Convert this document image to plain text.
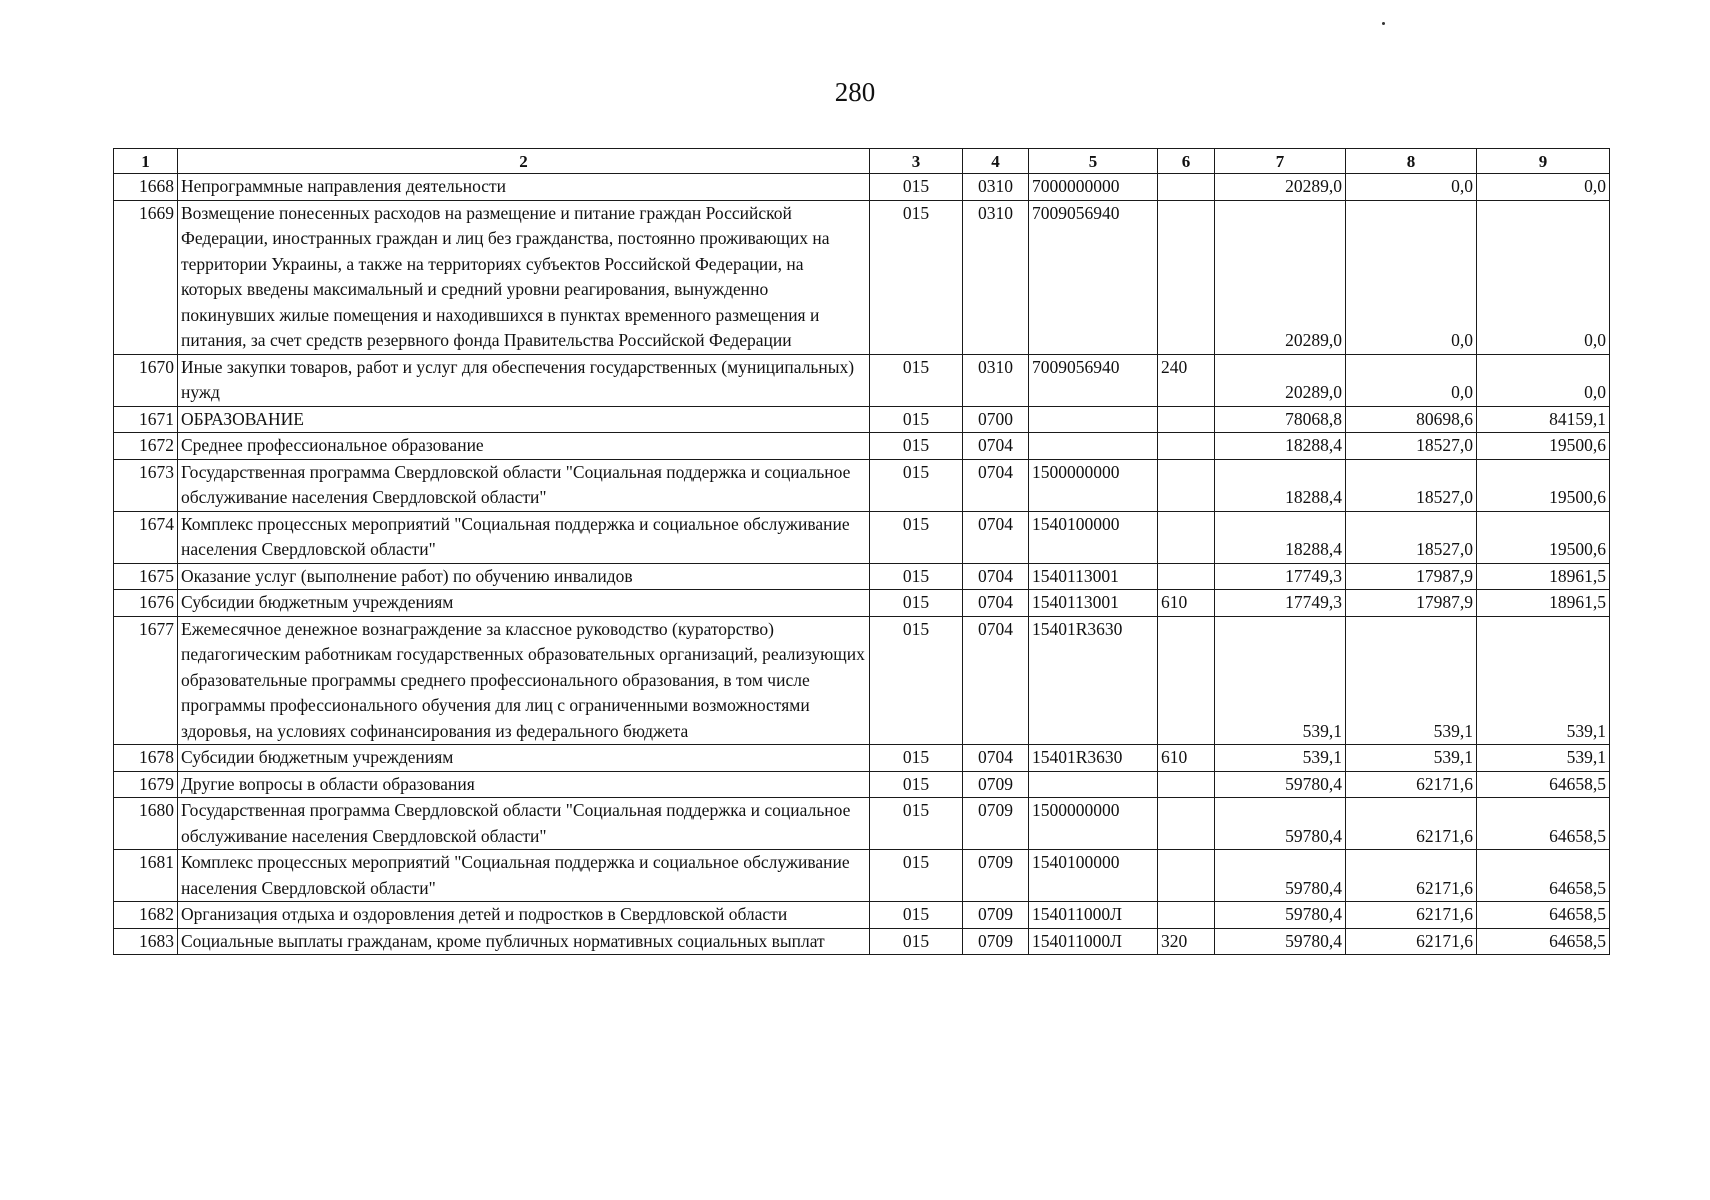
280
1	2	3	4	5	6	7	8	9
1668	Непрограммные направления деятельности	015	0310	7000000000		20289,0	0,0	0,0
1669	Возмещение понесенных расходов на размещение и питание граждан Российской Федерации, иностранных граждан и лиц без гражданства, постоянно проживающих на территории Украины, а также на территориях субъектов Российской Федерации, на которых введены максимальный и средний уровни реагирования, вынужденно покинувших жилые помещения и находившихся в пунктах временного размещения и питания, за счет средств резервного фонда Правительства Российской Федерации	015	0310	7009056940		20289,0	0,0	0,0
1670	Иные закупки товаров, работ и услуг для обеспечения государственных (муниципальных) нужд	015	0310	7009056940	240	20289,0	0,0	0,0
1671	ОБРАЗОВАНИЕ	015	0700			78068,8	80698,6	84159,1
1672	Среднее профессиональное образование	015	0704			18288,4	18527,0	19500,6
1673	Государственная программа Свердловской области "Социальная поддержка и социальное обслуживание населения Свердловской области"	015	0704	1500000000		18288,4	18527,0	19500,6
1674	Комплекс процессных мероприятий "Социальная поддержка и социальное обслуживание населения Свердловской области"	015	0704	1540100000		18288,4	18527,0	19500,6
1675	Оказание услуг (выполнение работ) по обучению инвалидов	015	0704	1540113001		17749,3	17987,9	18961,5
1676	Субсидии бюджетным учреждениям	015	0704	1540113001	610	17749,3	17987,9	18961,5
1677	Ежемесячное денежное вознаграждение за классное руководство (кураторство) педагогическим работникам государственных образовательных организаций, реализующих образовательные программы среднего профессионального образования, в том числе программы профессионального обучения для лиц с ограниченными возможностями здоровья, на условиях софинансирования из федерального бюджета	015	0704	15401R3630		539,1	539,1	539,1
1678	Субсидии бюджетным учреждениям	015	0704	15401R3630	610	539,1	539,1	539,1
1679	Другие вопросы в области образования	015	0709			59780,4	62171,6	64658,5
1680	Государственная программа Свердловской области "Социальная поддержка и социальное обслуживание населения Свердловской области"	015	0709	1500000000		59780,4	62171,6	64658,5
1681	Комплекс процессных мероприятий "Социальная поддержка и социальное обслуживание населения Свердловской области"	015	0709	1540100000		59780,4	62171,6	64658,5
1682	Организация отдыха и оздоровления детей и подростков в Свердловской области	015	0709	154011000Л		59780,4	62171,6	64658,5
1683	Социальные выплаты гражданам, кроме публичных нормативных социальных выплат	015	0709	154011000Л	320	59780,4	62171,6	64658,5
